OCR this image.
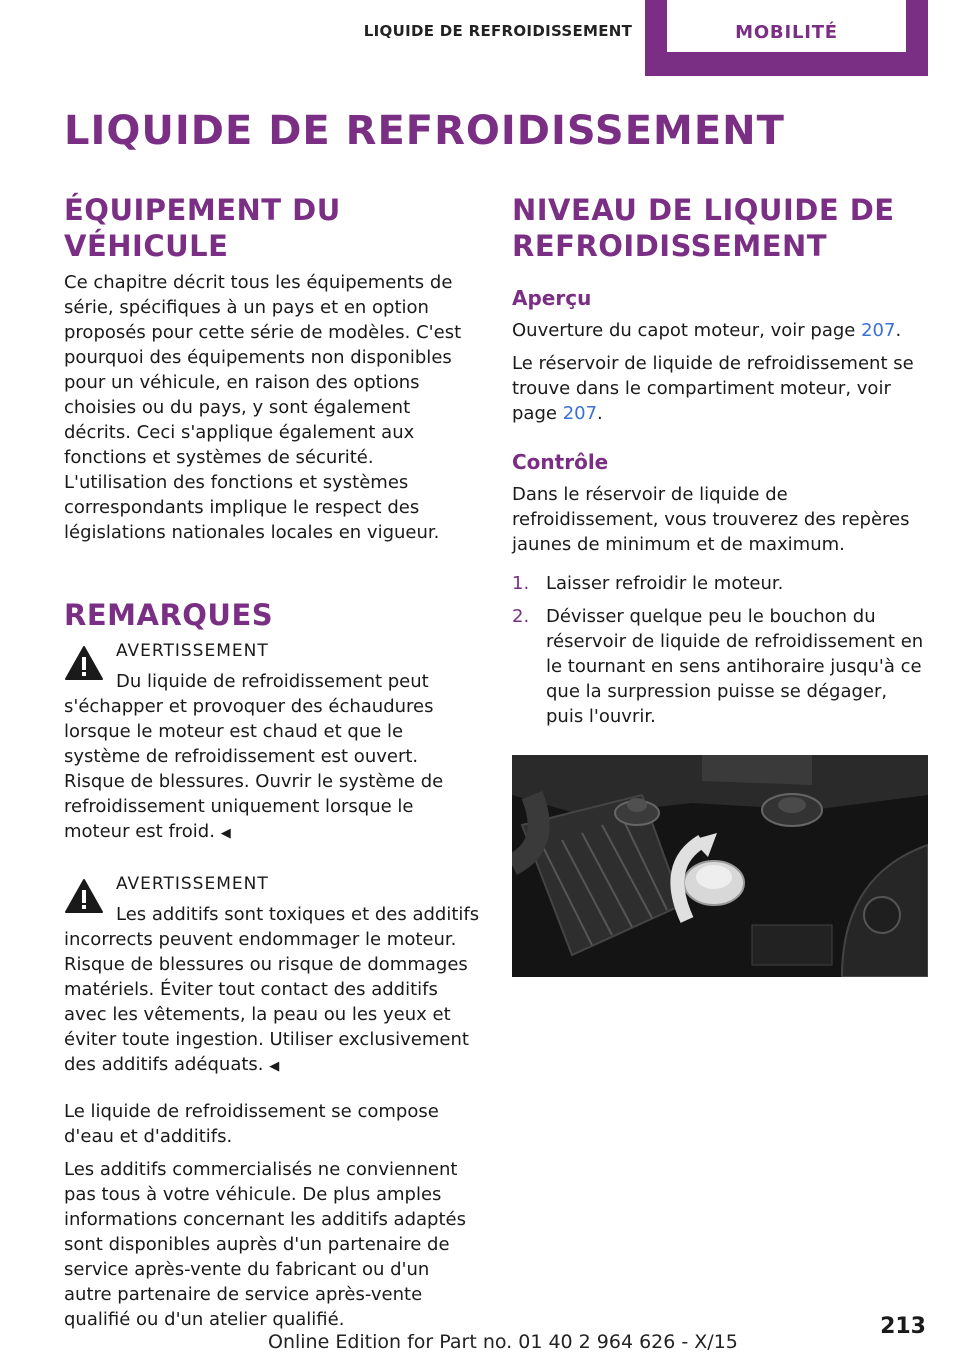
LIQUIDE DE REFROIDISSEMENT	MOBILITÉ
LIQUIDE DE REFROIDISSEMENT
ÉQUIPEMENT DU VÉHICULE

Ce chapitre décrit tous les équipements de série, spécifiques à un pays et en option proposés pour cette série de modèles. C'est pourquoi des équipements non disponibles pour un véhicule, en raison des options choisies ou du pays, y sont également décrits. Ceci s'applique également aux fonctions et systèmes de sécurité. L'utilisation des fonctions et systèmes correspondants implique le respect des législations nationales locales en vigueur.

REMARQUES
AVERTISSEMENT

Du liquide de refroidissement peut

s'échapper et provoquer des échaudures lorsque le moteur est chaud et que le système de refroidissement est ouvert. Risque de blessures. Ouvrir le système de refroidissement uniquement lorsque le moteur est froid. ◀

AVERTISSEMENT

Les additifs sont toxiques et des additifs

incorrects peuvent endommager le moteur. Risque de blessures ou risque de dommages matériels. Éviter tout contact des additifs avec les vêtements, la peau ou les yeux et éviter toute ingestion. Utiliser exclusivement des additifs adéquats. ◀

Le liquide de refroidissement se compose d'eau et d'additifs.

Les additifs commercialisés ne conviennent pas tous à votre véhicule. De plus amples informations concernant les additifs adaptés sont disponibles auprès d'un partenaire de service après-vente du fabricant ou d'un autre partenaire de service après-vente qualifié ou d'un atelier qualifié.

NIVEAU DE LIQUIDE DE REFROIDISSEMENT
Aperçu

Ouverture du capot moteur, voir page 207.

Le réservoir de liquide de refroidissement se trouve dans le compartiment moteur, voir page 207.

Contrôle

Dans le réservoir de liquide de refroidissement, vous trouverez des repères jaunes de minimum et de maximum.

1. Laisser refroidir le moteur.
2. Dévisser quelque peu le bouchon du réservoir de liquide de refroidissement en le tournant en sens antihoraire jusqu'à ce que la surpression puisse se dégager, puis l'ouvrir.
Online Edition for Part no. 01 40 2 964 626 - X/15
213
